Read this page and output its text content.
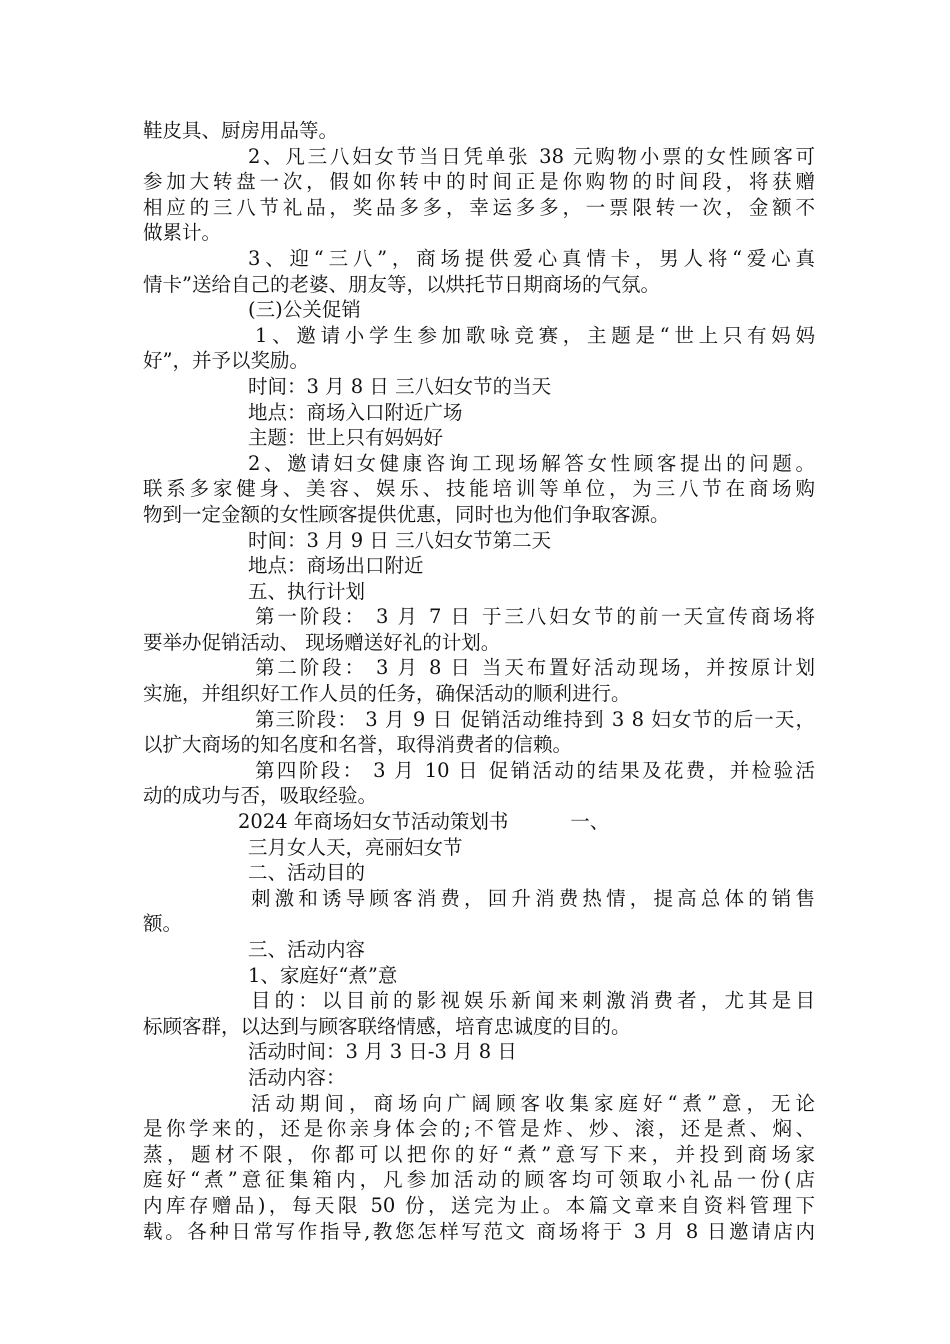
鞋皮具、厨房用品等。
2、凡三八妇女节当日凭单张 38 元购物小票的女性顾客可
参加大转盘一次，假如你转中的时间正是你购物的时间段，将获赠
相应的三八节礼品，奖品多多，幸运多多，一票限转一次，金额不
做累计。
3、迎“三八”，商场提供爱心真情卡，男人将“爱心真
情卡”送给自己的老婆、朋友等，以烘托节日期商场的气氛。
(三)公关促销
1、邀请小学生参加歌咏竞赛，主题是“世上只有妈妈
好”，并予以奖励。
时间：3 月 8 日 三八妇女节的当天
地点：商场入口附近广场
主题：世上只有妈妈好
2、邀请妇女健康咨询工现场解答女性顾客提出的问题。
联系多家健身、美容、娱乐、技能培训等单位，为三八节在商场购
物到一定金额的女性顾客提供优惠，同时也为他们争取客源。
时间：3 月 9 日 三八妇女节第二天
地点：商场出口附近
五、执行计划
第一阶段： 3 月 7 日 于三八妇女节的前一天宣传商场将
要举办促销活动、 现场赠送好礼的计划。
第二阶段： 3 月 8 日 当天布置好活动现场，并按原计划
实施，并组织好工作人员的任务，确保活动的顺利进行。
第三阶段： 3 月 9 日 促销活动维持到 3 8 妇女节的后一天，
以扩大商场的知名度和名誉，取得消费者的信赖。
第四阶段： 3 月 10 日 促销活动的结果及花费，并检验活
动的成功与否，吸取经验。
2024 年商场妇女节活动策划书          一、
三月女人天，亮丽妇女节
二、活动目的
刺激和诱导顾客消费，回升消费热情，提高总体的销售
额。
三、活动内容
1、家庭好“煮”意
目的：以目前的影视娱乐新闻来刺激消费者，尤其是目
标顾客群，以达到与顾客联络情感，培育忠诚度的目的。
活动时间：3 月 3 日-3 月 8 日
活动内容：
活动期间，商场向广阔顾客收集家庭好“煮”意，无论
是你学来的，还是你亲身体会的;不管是炸、炒、滚，还是煮、焖、
蒸，题材不限，你都可以把你的好“煮”意写下来，并投到商场家
庭好“煮”意征集箱内，凡参加活动的顾客均可领取小礼品一份(店
内库存赠品)，每天限 50 份，送完为止。本篇文章来自资料管理下
载。各种日常写作指导,教您怎样写范文 商场将于 3 月 8 日邀请店内
